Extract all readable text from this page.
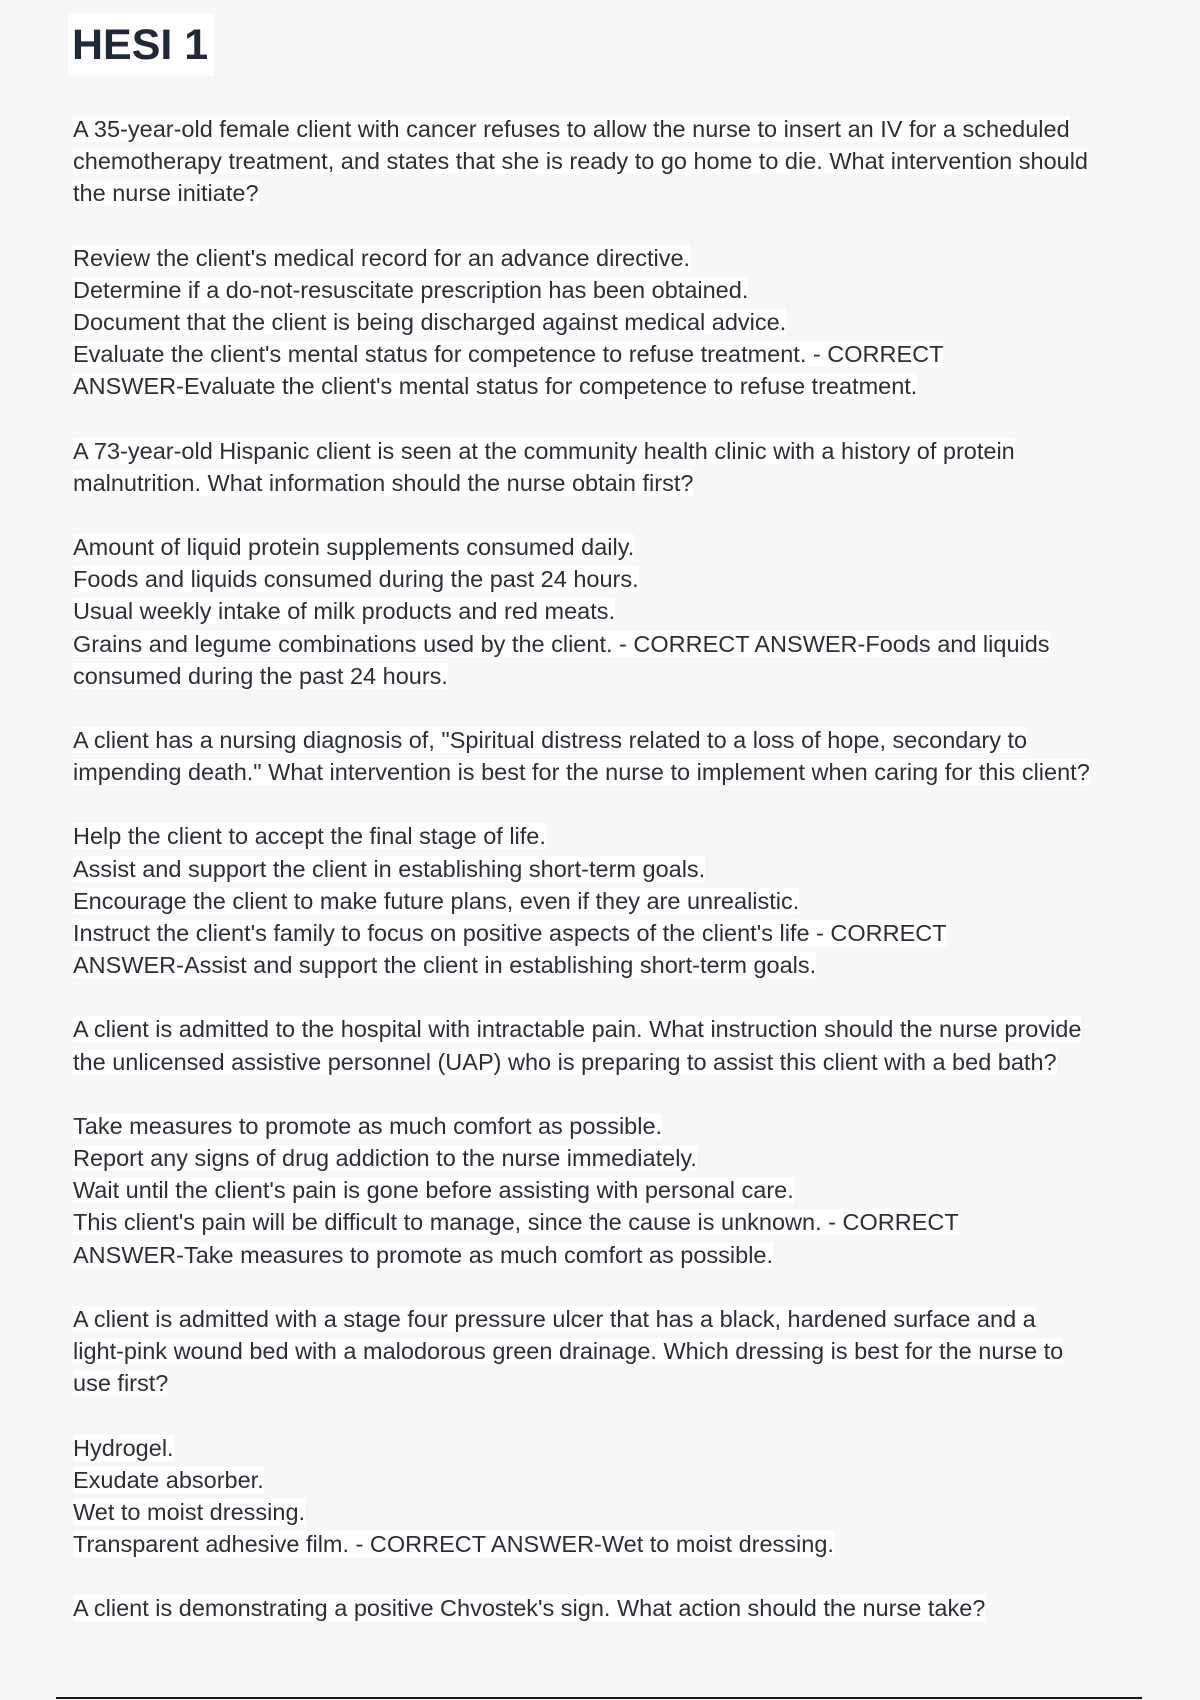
HESI 1
A 35-year-old female client with cancer refuses to allow the nurse to insert an IV for a scheduled
chemotherapy treatment, and states that she is ready to go home to die. What intervention should
the nurse initiate?
Review the client's medical record for an advance directive.
Determine if a do-not-resuscitate prescription has been obtained.
Document that the client is being discharged against medical advice.
Evaluate the client's mental status for competence to refuse treatment. - CORRECT
ANSWER-Evaluate the client's mental status for competence to refuse treatment.
A 73-year-old Hispanic client is seen at the community health clinic with a history of protein
malnutrition. What information should the nurse obtain first?
Amount of liquid protein supplements consumed daily.
Foods and liquids consumed during the past 24 hours.
Usual weekly intake of milk products and red meats.
Grains and legume combinations used by the client. - CORRECT ANSWER-Foods and liquids
consumed during the past 24 hours.
A client has a nursing diagnosis of, "Spiritual distress related to a loss of hope, secondary to
impending death." What intervention is best for the nurse to implement when caring for this client?
Help the client to accept the final stage of life.
Assist and support the client in establishing short-term goals.
Encourage the client to make future plans, even if they are unrealistic.
Instruct the client's family to focus on positive aspects of the client's life - CORRECT
ANSWER-Assist and support the client in establishing short-term goals.
A client is admitted to the hospital with intractable pain. What instruction should the nurse provide
the unlicensed assistive personnel (UAP) who is preparing to assist this client with a bed bath?
Take measures to promote as much comfort as possible.
Report any signs of drug addiction to the nurse immediately.
Wait until the client's pain is gone before assisting with personal care.
This client's pain will be difficult to manage, since the cause is unknown. - CORRECT
ANSWER-Take measures to promote as much comfort as possible.
A client is admitted with a stage four pressure ulcer that has a black, hardened surface and a
light-pink wound bed with a malodorous green drainage. Which dressing is best for the nurse to
use first?
Hydrogel.
Exudate absorber.
Wet to moist dressing.
Transparent adhesive film. - CORRECT ANSWER-Wet to moist dressing.
A client is demonstrating a positive Chvostek's sign. What action should the nurse take?
